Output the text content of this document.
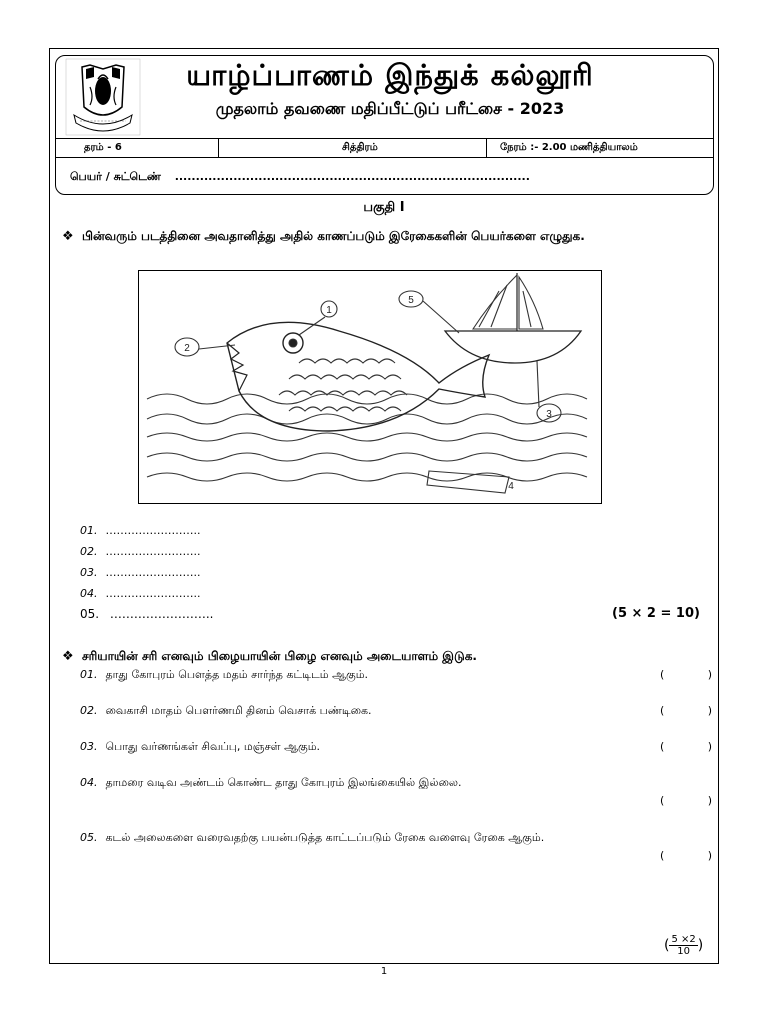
யாழ்ப்பாணம் இந்துக் கல்லூரி
முதலாம் தவணை மதிப்பீட்டுப் பரீட்சை - 2023
தரம் - 6	சித்திரம்	நேரம் :- 2.00 மணித்தியாலம்
பெயர் / சுட்டெண் .....................................................................................
பகுதி I
❖ பின்வரும் படத்தினை அவதானித்து அதில் காணப்படும் இரேகைகளின் பெயர்களை எழுதுக.
1
2
3
4
5
01. ……………………..
02. ……………………..
03. ……………………..
04. ……………………..
05. ……………………..	(5 × 2 = 10)
❖ சரியாயின் சரி எனவும் பிழையாயின் பிழை எனவும் அடையாளம் இடுக.
01. தாது கோபுரம் பௌத்த மதம் சார்ந்த கட்டிடம் ஆகும்.	(	)
02. வைகாசி மாதம் பௌர்ணமி தினம் வெசாக் பண்டிகை.	(	)
03. பொது வர்ணங்கள் சிவப்பு, மஞ்சள் ஆகும்.	(	)
04. தாமரை வடிவ அண்டம் கொண்ட தாது கோபுரம் இலங்கையில் இல்லை.
(	)
05. கடல் அலைகளை வரைவதற்கு பயன்படுத்த காட்டப்படும் ரேகை வளைவு ரேகை ஆகும்.
(	)
( $\frac{5 \times 2}{10}$ )
1
